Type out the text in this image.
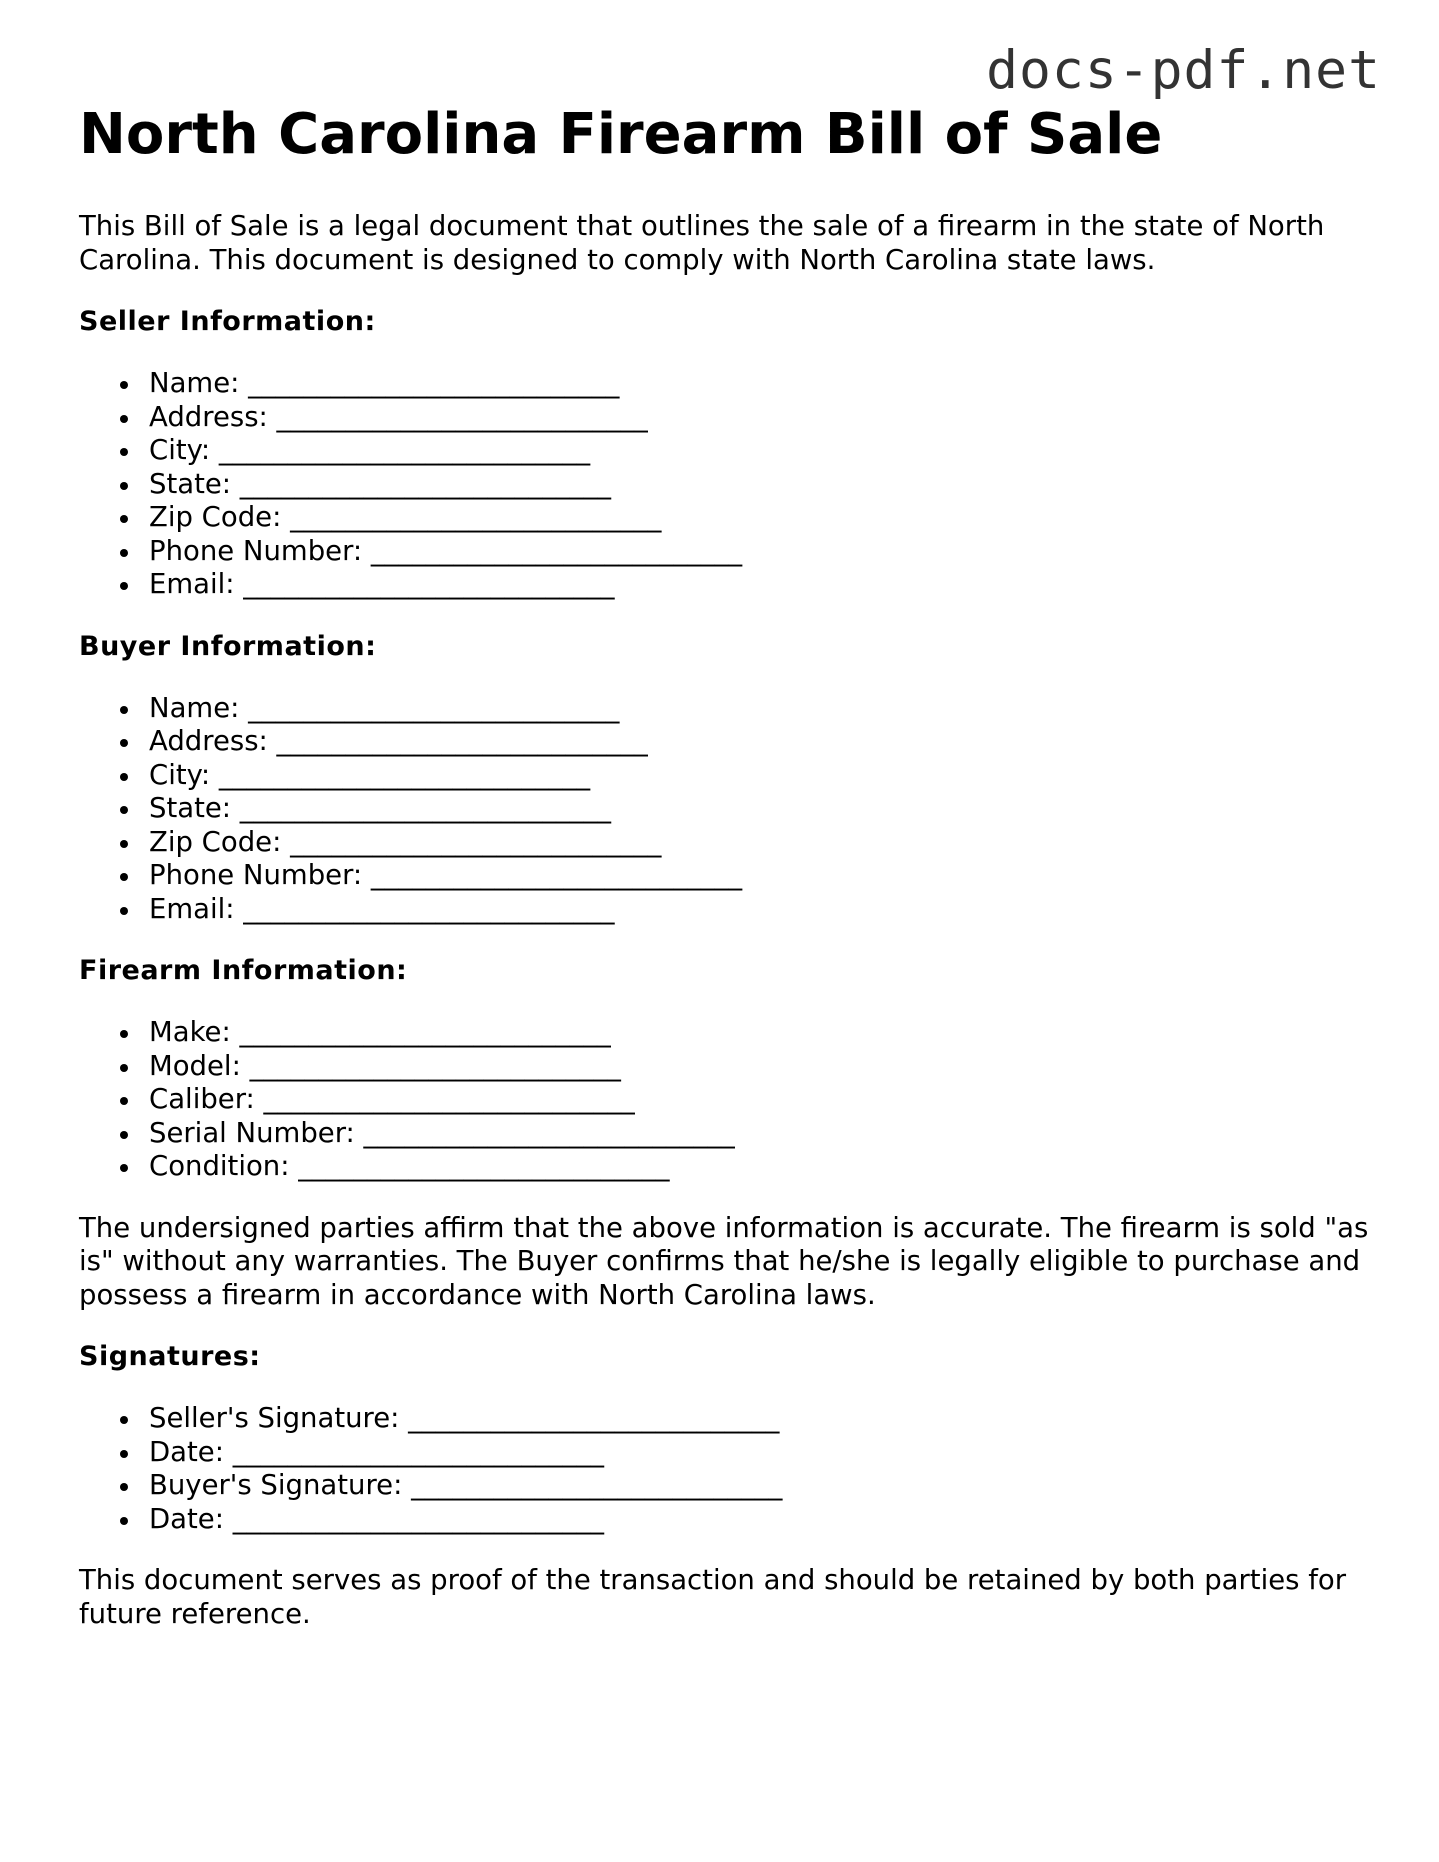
docs-pdf.net
North Carolina Firearm Bill of Sale

This Bill of Sale is a legal document that outlines the sale of a firearm in the state of North Carolina. This document is designed to comply with North Carolina state laws.

Seller Information:
Name: ___________________________
Address: ___________________________
City: ___________________________
State: ___________________________
Zip Code: ___________________________
Phone Number: ___________________________
Email: ___________________________
Buyer Information:
Name: ___________________________
Address: ___________________________
City: ___________________________
State: ___________________________
Zip Code: ___________________________
Phone Number: ___________________________
Email: ___________________________
Firearm Information:
Make: ___________________________
Model: ___________________________
Caliber: ___________________________
Serial Number: ___________________________
Condition: ___________________________

The undersigned parties affirm that the above information is accurate. The firearm is sold "as is" without any warranties. The Buyer confirms that he/she is legally eligible to purchase and possess a firearm in accordance with North Carolina laws.

Signatures:
Seller's Signature: ___________________________
Date: ___________________________
Buyer's Signature: ___________________________
Date: ___________________________

This document serves as proof of the transaction and should be retained by both parties for future reference.
